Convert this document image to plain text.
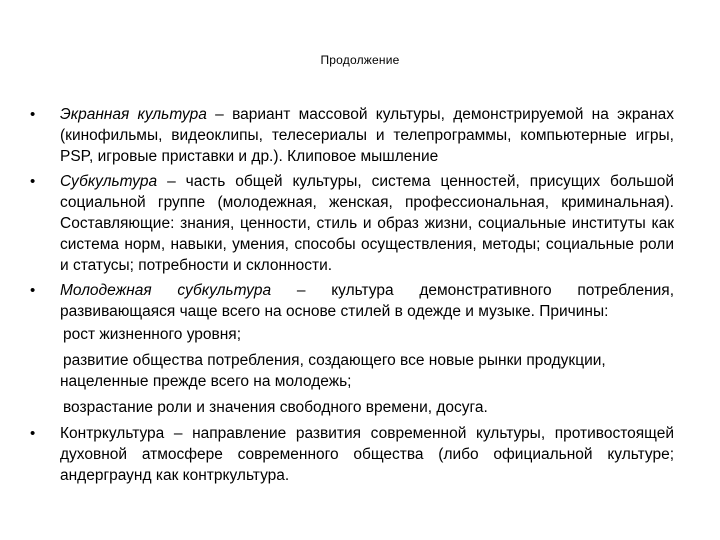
Продолжение
•	Экранная культура – вариант массовой культуры, демонстрируемой на экранах (кинофильмы, видеоклипы, телесериалы и телепрограммы, компьютерные игры, PSP, игровые приставки и др.). Клиповое мышление
•	Субкультура – часть общей культуры, система ценностей, присущих большой социальной группе (молодежная, женская, профессиональная, криминальная). Составляющие: знания, ценности, стиль и образ жизни, социальные институты как система норм, навыки, умения, способы осуществления, методы; социальные роли и статусы; потребности и склонности.
•	Молодежная субкультура – культура демонстративного потребления, развивающаяся чаще всего на основе стилей в одежде и музыке. Причины:
рост жизненного уровня;
развитие общества потребления, создающего все новые рынки продукции, нацеленные прежде всего на молодежь;
возрастание роли и значения свободного времени, досуга.
•	Контркультура – направление развития современной культуры, противостоящей духовной атмосфере современного общества (либо официальной культуре; андерграунд как контркультура.
